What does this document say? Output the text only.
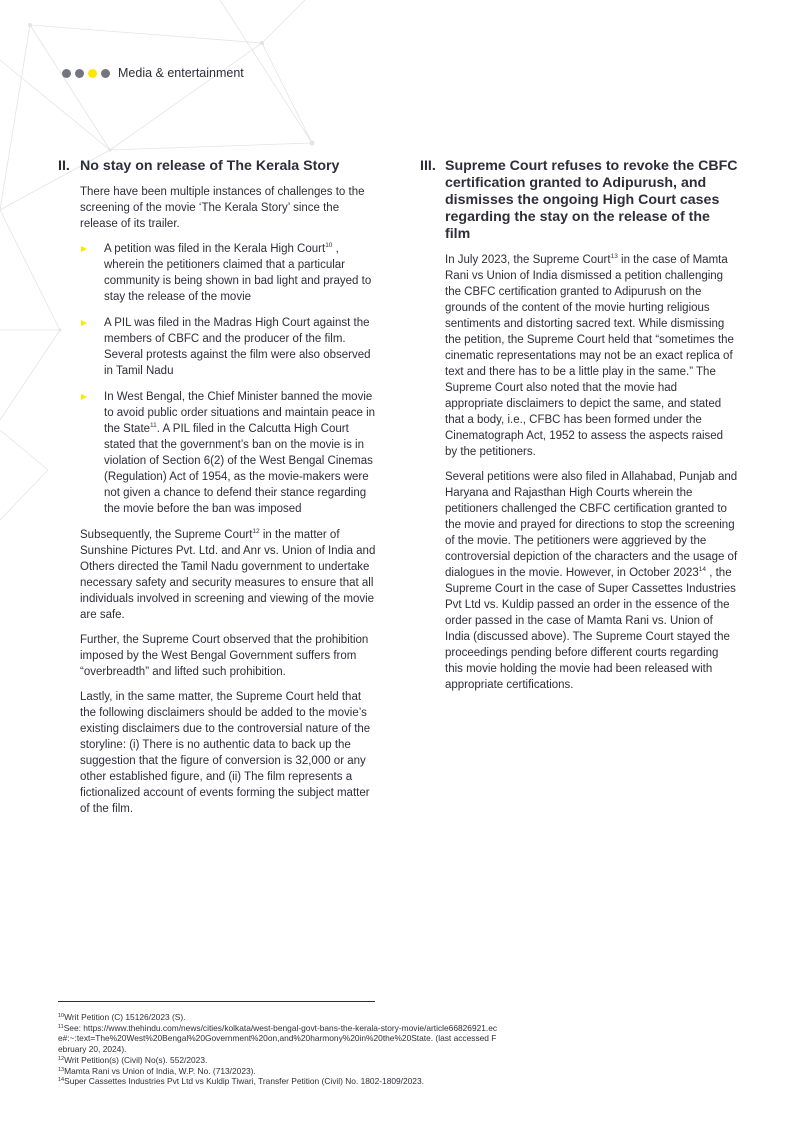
Media & entertainment
II. No stay on release of The Kerala Story

There have been multiple instances of challenges to the screening of the movie ‘The Kerala Story’ since the release of its trailer.

A petition was filed in the Kerala High Court$^{10}$ , wherein the petitioners claimed that a particular community is being shown in bad light and prayed to stay the release of the movie
A PIL was filed in the Madras High Court against the members of CBFC and the producer of the film. Several protests against the film were also observed in Tamil Nadu
In West Bengal, the Chief Minister banned the movie to avoid public order situations and maintain peace in the State$^{11}$. A PIL filed in the Calcutta High Court stated that the government’s ban on the movie is in violation of Section 6(2) of the West Bengal Cinemas (Regulation) Act of 1954, as the movie-makers were not given a chance to defend their stance regarding the movie before the ban was imposed

Subsequently, the Supreme Court$^{12}$ in the matter of Sunshine Pictures Pvt. Ltd. and Anr vs. Union of India and Others directed the Tamil Nadu government to undertake necessary safety and security measures to ensure that all individuals involved in screening and viewing of the movie are safe.

Further, the Supreme Court observed that the prohibition imposed by the West Bengal Government suffers from “overbreadth” and lifted such prohibition.

Lastly, in the same matter, the Supreme Court held that the following disclaimers should be added to the movie’s existing disclaimers due to the controversial nature of the storyline: (i) There is no authentic data to back up the suggestion that the figure of conversion is 32,000 or any other established figure, and (ii) The film represents a fictionalized account of events forming the subject matter of the film.

III. Supreme Court refuses to revoke the CBFC certification granted to Adipurush, and dismisses the ongoing High Court cases regarding the stay on the release of the film

In July 2023, the Supreme Court$^{13}$ in the case of Mamta Rani vs Union of India dismissed a petition challenging the CBFC certification granted to Adipurush on the grounds of the content of the movie hurting religious sentiments and distorting sacred text. While dismissing the petition, the Supreme Court held that “sometimes the cinematic representations may not be an exact replica of text and there has to be a little play in the same.” The Supreme Court also noted that the movie had appropriate disclaimers to depict the same, and stated that a body, i.e., CFBC has been formed under the Cinematograph Act, 1952 to assess the aspects raised by the petitioners.

Several petitions were also filed in Allahabad, Punjab and Haryana and Rajasthan High Courts wherein the petitioners challenged the CBFC certification granted to the movie and prayed for directions to stop the screening of the movie. The petitioners were aggrieved by the controversial depiction of the characters and the usage of dialogues in the movie. However, in October 2023$^{14}$ , the Supreme Court in the case of Super Cassettes Industries Pvt Ltd vs. Kuldip passed an order in the essence of the order passed in the case of Mamta Rani vs. Union of India (discussed above). The Supreme Court stayed the proceedings pending before different courts regarding this movie holding the movie had been released with appropriate certifications.

$^{10}$Writ Petition (C) 15126/2023 (S).

$^{11}$See: https://www.thehindu.com/news/cities/kolkata/west-bengal-govt-bans-the-kerala-story-movie/article66826921.ece#:~:text=The%20West%20Bengal%20Government%20on,and%20harmony%20in%20the%20State. (last accessed February 20, 2024).

$^{12}$Writ Petition(s) (Civil) No(s). 552/2023.

$^{13}$Mamta Rani vs Union of India, W.P. No. (713/2023).

$^{14}$Super Cassettes Industries Pvt Ltd vs Kuldip Tiwari, Transfer Petition (Civil) No. 1802-1809/2023.
